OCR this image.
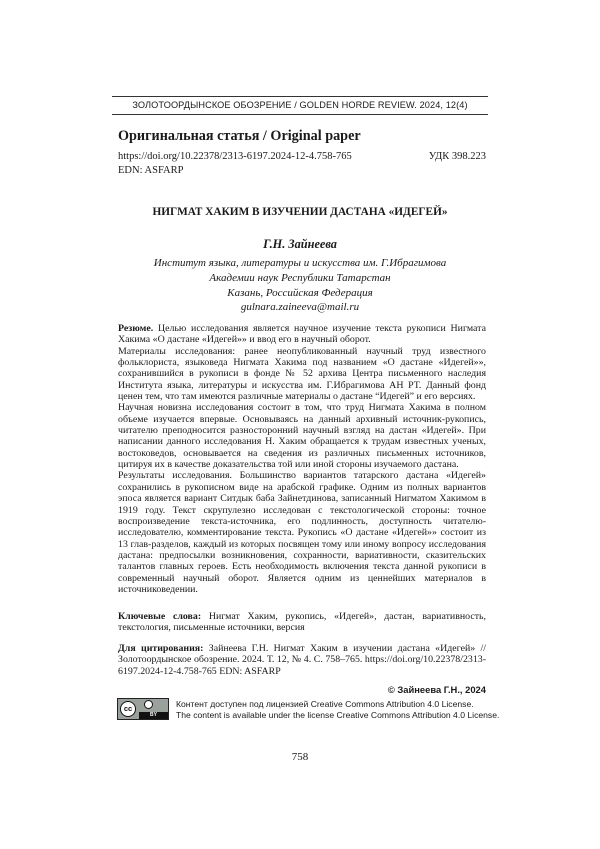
ЗОЛОТООРДЫНСКОЕ ОБОЗРЕНИЕ / GOLDEN HORDE REVIEW. 2024, 12(4)
Оригинальная статья / Original paper
https://doi.org/10.22378/2313-6197.2024-12-4.758-765	УДК 398.223
EDN: ASFARP
НИГМАТ ХАКИМ В ИЗУЧЕНИИ ДАСТАНА «ИДЕГЕЙ»
Г.Н. Зайнеева
Институт языка, литературы и искусства им. Г.Ибрагимова
Академии наук Республики Татарстан
Казань, Российская Федерация
gulnara.zaineeva@mail.ru

Резюме. Целью исследования является научное изучение текста рукописи Нигмата Хакима «О дастане «Идегей»» и ввод его в научный оборот.

Материалы исследования: ранее неопубликованный научный труд известного фольклориста, языковеда Нигмата Хакима под названием «О дастане «Идегей»», сохранившийся в рукописи в фонде № 52 архива Центра письменного наследия Института языка, литературы и искусства им. Г.Ибрагимова АН РТ. Данный фонд ценен тем, что там имеются различные материалы о дастане “Идегей” и его версиях.

Научная новизна исследования состоит в том, что труд Нигмата Хакима в полном объеме изучается впервые. Основываясь на данный архивный источник-рукопись, читателю преподносится разносторонний научный взгляд на дастан «Идегей». При написании данного исследования Н. Хаким обращается к трудам известных ученых, востоковедов, основывается на сведения из различных письменных источников, цитируя их в качестве доказательства той или иной стороны изучаемого дастана.

Результаты исследования. Большинство вариантов татарского дастана «Идегей» сохранились в рукописном виде на арабской графике. Одним из полных вариантов эпоса является вариант Ситдык баба Зайнетдинова, записанный Нигматом Хакимом в 1919 году. Текст скрупулезно исследован с текстологической стороны: точное воспроизведение текста-источника, его подлинность, доступность читателю-исследователю, комментирование текста. Рукопись «О дастане «Идегей»» состоит из 13 глав-разделов, каждый из которых посвящен тому или иному вопросу исследования дастана: предпосылки возникновения, сохранности, вариативности, сказительских талантов главных героев. Есть необходимость включения текста данной рукописи в современный научный оборот. Является одним из ценнейших материалов в источниковедении.

Ключевые слова: Нигмат Хаким, рукопись, «Идегей», дастан, вариативность, текстология, письменные источники, версия

Для цитирования: Зайнеева Г.Н. Нигмат Хаким в изучении дастана «Идегей» // Золотоордынское обозрение. 2024. Т. 12, № 4. С. 758–765. https://doi.org/10.22378/2313-6197.2024-12-4.758-765 EDN: ASFARP

© Зайнеева Г.Н., 2024
cc
BY
Контент доступен под лицензией Creative Commons Attribution 4.0 License.
The content is available under the license Creative Commons Attribution 4.0 License.
758
